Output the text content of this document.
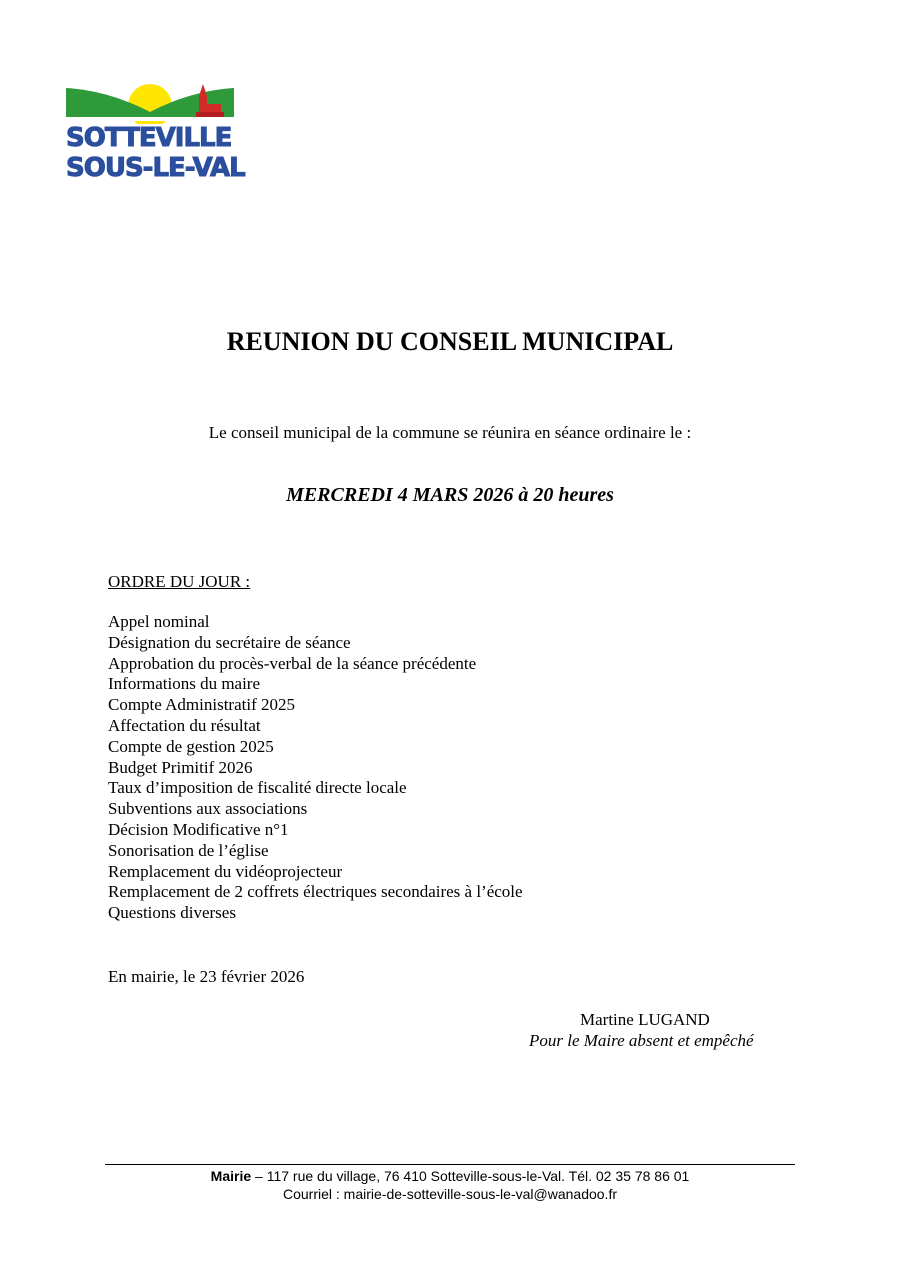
SOTTEVILLE
SOUS-LE-VAL
REUNION DU CONSEIL MUNICIPAL
Le conseil municipal de la commune se réunira en séance ordinaire le :
MERCREDI 4 MARS 2026 à 20 heures
ORDRE DU JOUR :
Appel nominal
Désignation du secrétaire de séance
Approbation du procès-verbal de la séance précédente
Informations du maire
Compte Administratif 2025
Affectation du résultat
Compte de gestion 2025
Budget Primitif 2026
Taux d’imposition de fiscalité directe locale
Subventions aux associations
Décision Modificative n°1
Sonorisation de l’église
Remplacement du vidéoprojecteur
Remplacement de 2 coffrets électriques secondaires à l’école
Questions diverses
En mairie, le 23 février 2026
Martine LUGAND
Pour le Maire absent et empêché
Mairie – 117 rue du village, 76 410 Sotteville-sous-le-Val. Tél. 02 35 78 86 01
Courriel : mairie-de-sotteville-sous-le-val@wanadoo.fr
